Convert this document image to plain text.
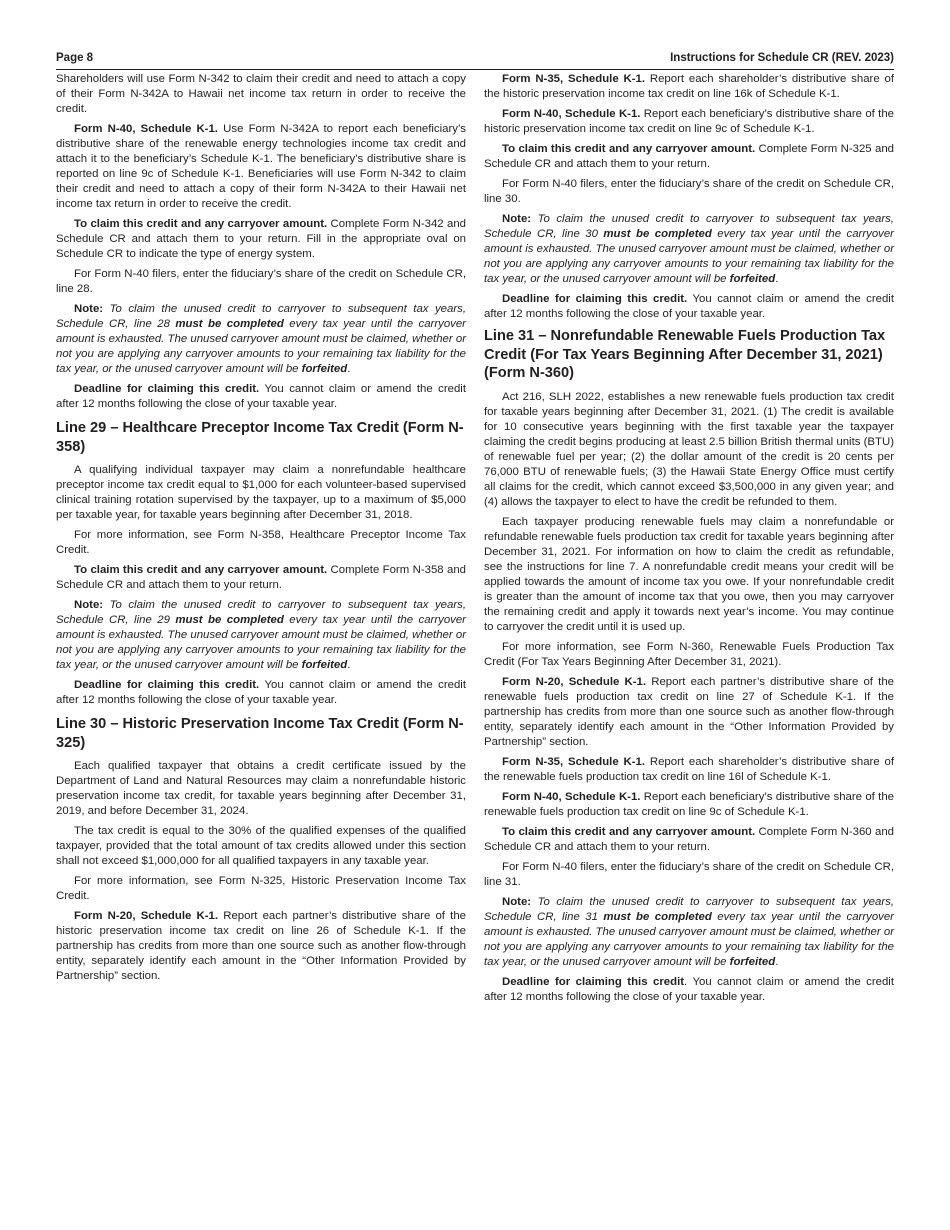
Page 8	Instructions for Schedule CR (REV. 2023)

Shareholders will use Form N-342 to claim their credit and need to attach a copy of their Form N-342A to Hawaii net income tax return in order to receive the credit.

Form N-40, Schedule K-1. Use Form N-342A to report each beneficiary’s distributive share of the renewable energy technologies income tax credit and attach it to the beneficiary’s Schedule K-1. The beneficiary’s distributive share is reported on line 9c of Schedule K-1. Beneficiaries will use Form N-342 to claim their credit and need to attach a copy of their form N-342A to their Hawaii net income tax return in order to receive the credit.

To claim this credit and any carryover amount. Complete Form N-342 and Schedule CR and attach them to your return. Fill in the appropriate oval on Schedule CR to indicate the type of energy system.

For Form N-40 filers, enter the fiduciary’s share of the credit on Schedule CR, line 28.

Note: To claim the unused credit to carryover to subsequent tax years, Schedule CR, line 28 must be completed every tax year until the carryover amount is exhausted. The unused carryover amount must be claimed, whether or not you are applying any carryover amounts to your remaining tax liability for the tax year, or the unused carryover amount will be forfeited.

Deadline for claiming this credit. You cannot claim or amend the credit after 12 months following the close of your taxable year.

Line 29 – Healthcare Preceptor Income Tax Credit (Form N-358)

A qualifying individual taxpayer may claim a nonrefundable healthcare preceptor income tax credit equal to $1,000 for each volunteer-based supervised clinical training rotation supervised by the taxpayer, up to a maximum of $5,000 per taxable year, for taxable years beginning after December 31, 2018.

For more information, see Form N-358, Healthcare Preceptor Income Tax Credit.

To claim this credit and any carryover amount. Complete Form N-358 and Schedule CR and attach them to your return.

Note: To claim the unused credit to carryover to subsequent tax years, Schedule CR, line 29 must be completed every tax year until the carryover amount is exhausted. The unused carryover amount must be claimed, whether or not you are applying any carryover amounts to your remaining tax liability for the tax year, or the unused carryover amount will be forfeited.

Deadline for claiming this credit. You cannot claim or amend the credit after 12 months following the close of your taxable year.

Line 30 – Historic Preservation Income Tax Credit (Form N-325)

Each qualified taxpayer that obtains a credit certificate issued by the Department of Land and Natural Resources may claim a nonrefundable historic preservation income tax credit, for taxable years beginning after December 31, 2019, and before December 31, 2024.

The tax credit is equal to the 30% of the qualified expenses of the qualified taxpayer, provided that the total amount of tax credits allowed under this section shall not exceed $1,000,000 for all qualified taxpayers in any taxable year.

For more information, see Form N-325, Historic Preservation Income Tax Credit.

Form N-20, Schedule K-1. Report each partner’s distributive share of the historic preservation income tax credit on line 26 of Schedule K-1. If the partnership has credits from more than one source such as another flow-through entity, separately identify each amount in the “Other Information Provided by Partnership” section.

Form N-35, Schedule K-1. Report each shareholder’s distributive share of the historic preservation income tax credit on line 16k of Schedule K-1.

Form N-40, Schedule K-1. Report each beneficiary’s distributive share of the historic preservation income tax credit on line 9c of Schedule K-1.

To claim this credit and any carryover amount. Complete Form N-325 and Schedule CR and attach them to your return.

For Form N-40 filers, enter the fiduciary’s share of the credit on Schedule CR, line 30.

Note: To claim the unused credit to carryover to subsequent tax years, Schedule CR, line 30 must be completed every tax year until the carryover amount is exhausted. The unused carryover amount must be claimed, whether or not you are applying any carryover amounts to your remaining tax liability for the tax year, or the unused carryover amount will be forfeited.

Deadline for claiming this credit. You cannot claim or amend the credit after 12 months following the close of your taxable year.

Line 31 – Nonrefundable Renewable Fuels Production Tax Credit (For Tax Years Beginning After December 31, 2021) (Form N-360)

Act 216, SLH 2022, establishes a new renewable fuels production tax credit for taxable years beginning after December 31, 2021. (1) The credit is available for 10 consecutive years beginning with the first taxable year the taxpayer claiming the credit begins producing at least 2.5 billion British thermal units (BTU) of renewable fuel per year; (2) the dollar amount of the credit is 20 cents per 76,000 BTU of renewable fuels; (3) the Hawaii State Energy Office must certify all claims for the credit, which cannot exceed $3,500,000 in any given year; and (4) allows the taxpayer to elect to have the credit be refunded to them.

Each taxpayer producing renewable fuels may claim a nonrefundable or refundable renewable fuels production tax credit for taxable years beginning after December 31, 2021. For information on how to claim the credit as refundable, see the instructions for line 7. A nonrefundable credit means your credit will be applied towards the amount of income tax you owe. If your nonrefundable credit is greater than the amount of income tax that you owe, then you may carryover the remaining credit and apply it towards next year’s income. You may continue to carryover the credit until it is used up.

For more information, see Form N-360, Renewable Fuels Production Tax Credit (For Tax Years Beginning After December 31, 2021).

Form N-20, Schedule K-1. Report each partner’s distributive share of the renewable fuels production tax credit on line 27 of Schedule K-1. If the partnership has credits from more than one source such as another flow-through entity, separately identify each amount in the “Other Information Provided by Partnership” section.

Form N-35, Schedule K-1. Report each shareholder’s distributive share of the renewable fuels production tax credit on line 16l of Schedule K-1.

Form N-40, Schedule K-1. Report each beneficiary’s distributive share of the renewable fuels production tax credit on line 9c of Schedule K-1.

To claim this credit and any carryover amount. Complete Form N-360 and Schedule CR and attach them to your return.

For Form N-40 filers, enter the fiduciary’s share of the credit on Schedule CR, line 31.

Note: To claim the unused credit to carryover to subsequent tax years, Schedule CR, line 31 must be completed every tax year until the carryover amount is exhausted. The unused carryover amount must be claimed, whether or not you are applying any carryover amounts to your remaining tax liability for the tax year, or the unused carryover amount will be forfeited.

Deadline for claiming this credit. You cannot claim or amend the credit after 12 months following the close of your taxable year.
